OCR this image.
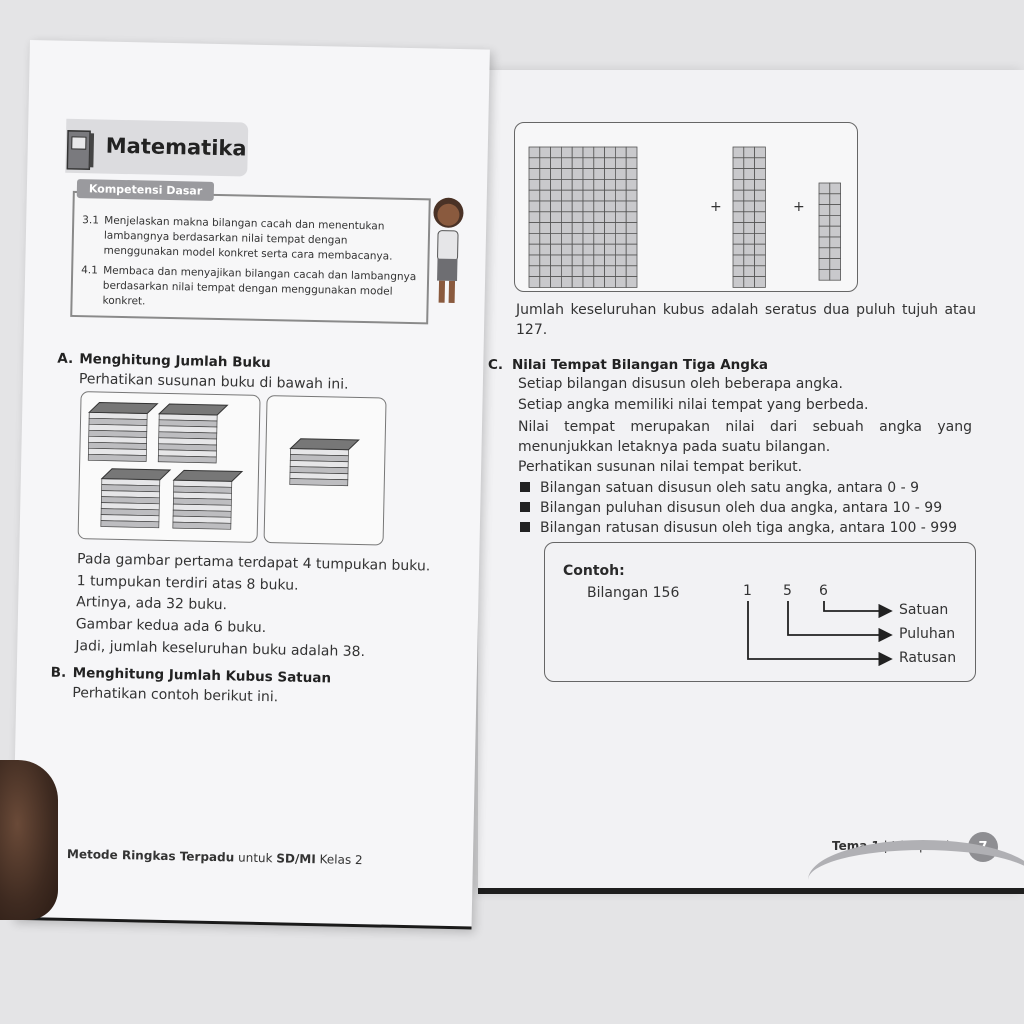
+	+
Jumlah keseluruhan kubus adalah seratus dua puluh tujuh atau 127.
C. Nilai Tempat Bilangan Tiga Angka
Setiap bilangan disusun oleh beberapa angka.
Setiap angka memiliki nilai tempat yang berbeda.
Nilai tempat merupakan nilai dari sebuah angka yang menunjukkan letaknya pada suatu bilangan.
Perhatikan susunan nilai tempat berikut.
Bilangan satuan disusun oleh satu angka, antara 0 - 9
Bilangan puluhan disusun oleh dua angka, antara 10 - 99
Bilangan ratusan disusun oleh tiga angka, antara 100 - 999
Contoh:
Bilangan 156	1 5 6
Satuan
Puluhan
Ratusan
Tema 1 | Hidup Rukun 7
Matematika
3.1 Menjelaskan makna bilangan cacah dan menentukan lambangnya berdasarkan nilai tempat dengan menggunakan model konkret serta cara membacanya.
4.1 Membaca dan menyajikan bilangan cacah dan lambangnya berdasarkan nilai tempat dengan menggunakan model konkret.
Kompetensi Dasar
A. Menghitung Jumlah Buku
Perhatikan susunan buku di bawah ini.
Pada gambar pertama terdapat 4 tumpukan buku.
1 tumpukan terdiri atas 8 buku.
Artinya, ada 32 buku.
Gambar kedua ada 6 buku.
Jadi, jumlah keseluruhan buku adalah 38.
B. Menghitung Jumlah Kubus Satuan
Perhatikan contoh berikut ini.
Metode Ringkas Terpadu untuk SD/MI Kelas 2
